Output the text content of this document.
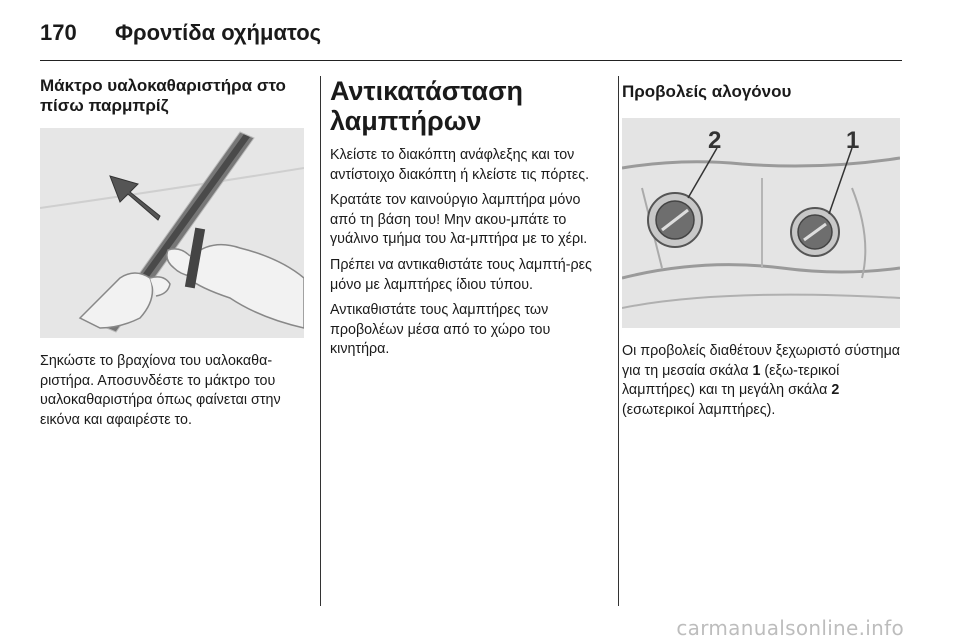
170 Φροντίδα οχήματος
Μάκτρο υαλοκαθαριστήρα στο πίσω παρμπρίζ

Σηκώστε το βραχίονα του υαλοκαθα-ριστήρα. Αποσυνδέστε το μάκτρο του υαλοκαθαριστήρα όπως φαίνεται στην εικόνα και αφαιρέστε το.

Αντικατάσταση λαμπτήρων

Κλείστε το διακόπτη ανάφλεξης και τον αντίστοιχο διακόπτη ή κλείστε τις πόρτες.

Κρατάτε τον καινούργιο λαμπτήρα μόνο από τη βάση του! Μην ακου-μπάτε το γυάλινο τμήμα του λα-μπτήρα με το χέρι.

Πρέπει να αντικαθιστάτε τους λαμπτή-ρες μόνο με λαμπτήρες ίδιου τύπου.

Αντικαθιστάτε τους λαμπτήρες των προβολέων μέσα από το χώρο του κινητήρα.

Προβολείς αλογόνου
2	1

Οι προβολείς διαθέτουν ξεχωριστό σύστημα για τη μεσαία σκάλα 1 (εξω-τερικοί λαμπτήρες) και τη μεγάλη σκάλα 2 (εσωτερικοί λαμπτήρες).

carmanualsonline.info
